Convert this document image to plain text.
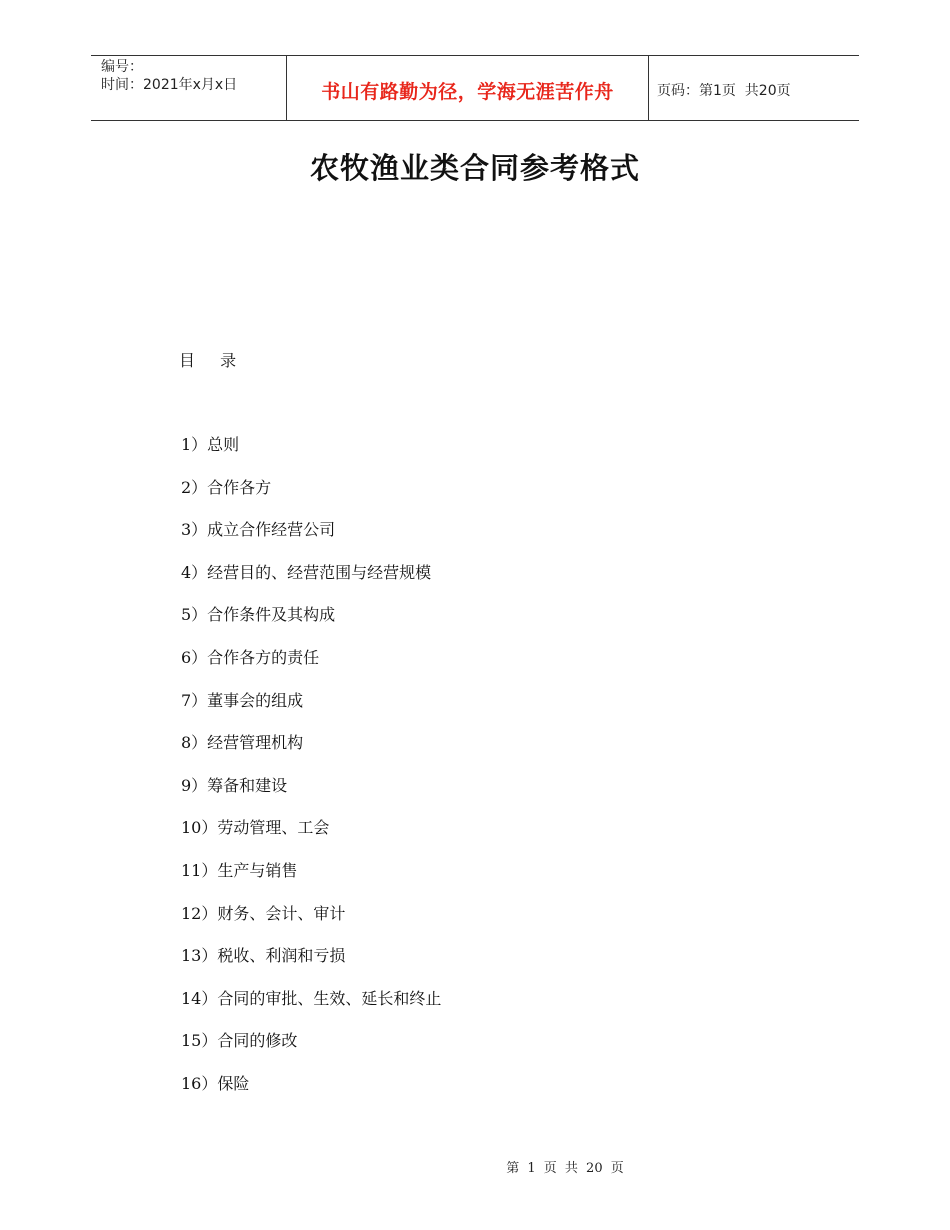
编号：
时间：2021年x月x日	书山有路勤为径，学海无涯苦作舟	页码：第1页  共20页
农牧渔业类合同参考格式
目 录
1）总则
2）合作各方
3）成立合作经营公司
4）经营目的、经营范围与经营规模
5）合作条件及其构成
6）合作各方的责任
7）董事会的组成
8）经营管理机构
9）筹备和建设
10）劳动管理、工会
11）生产与销售
12）财务、会计、审计
13）税收、利润和亏损
14）合同的审批、生效、延长和终止
15）合同的修改
16）保险
第 1 页 共 20 页
